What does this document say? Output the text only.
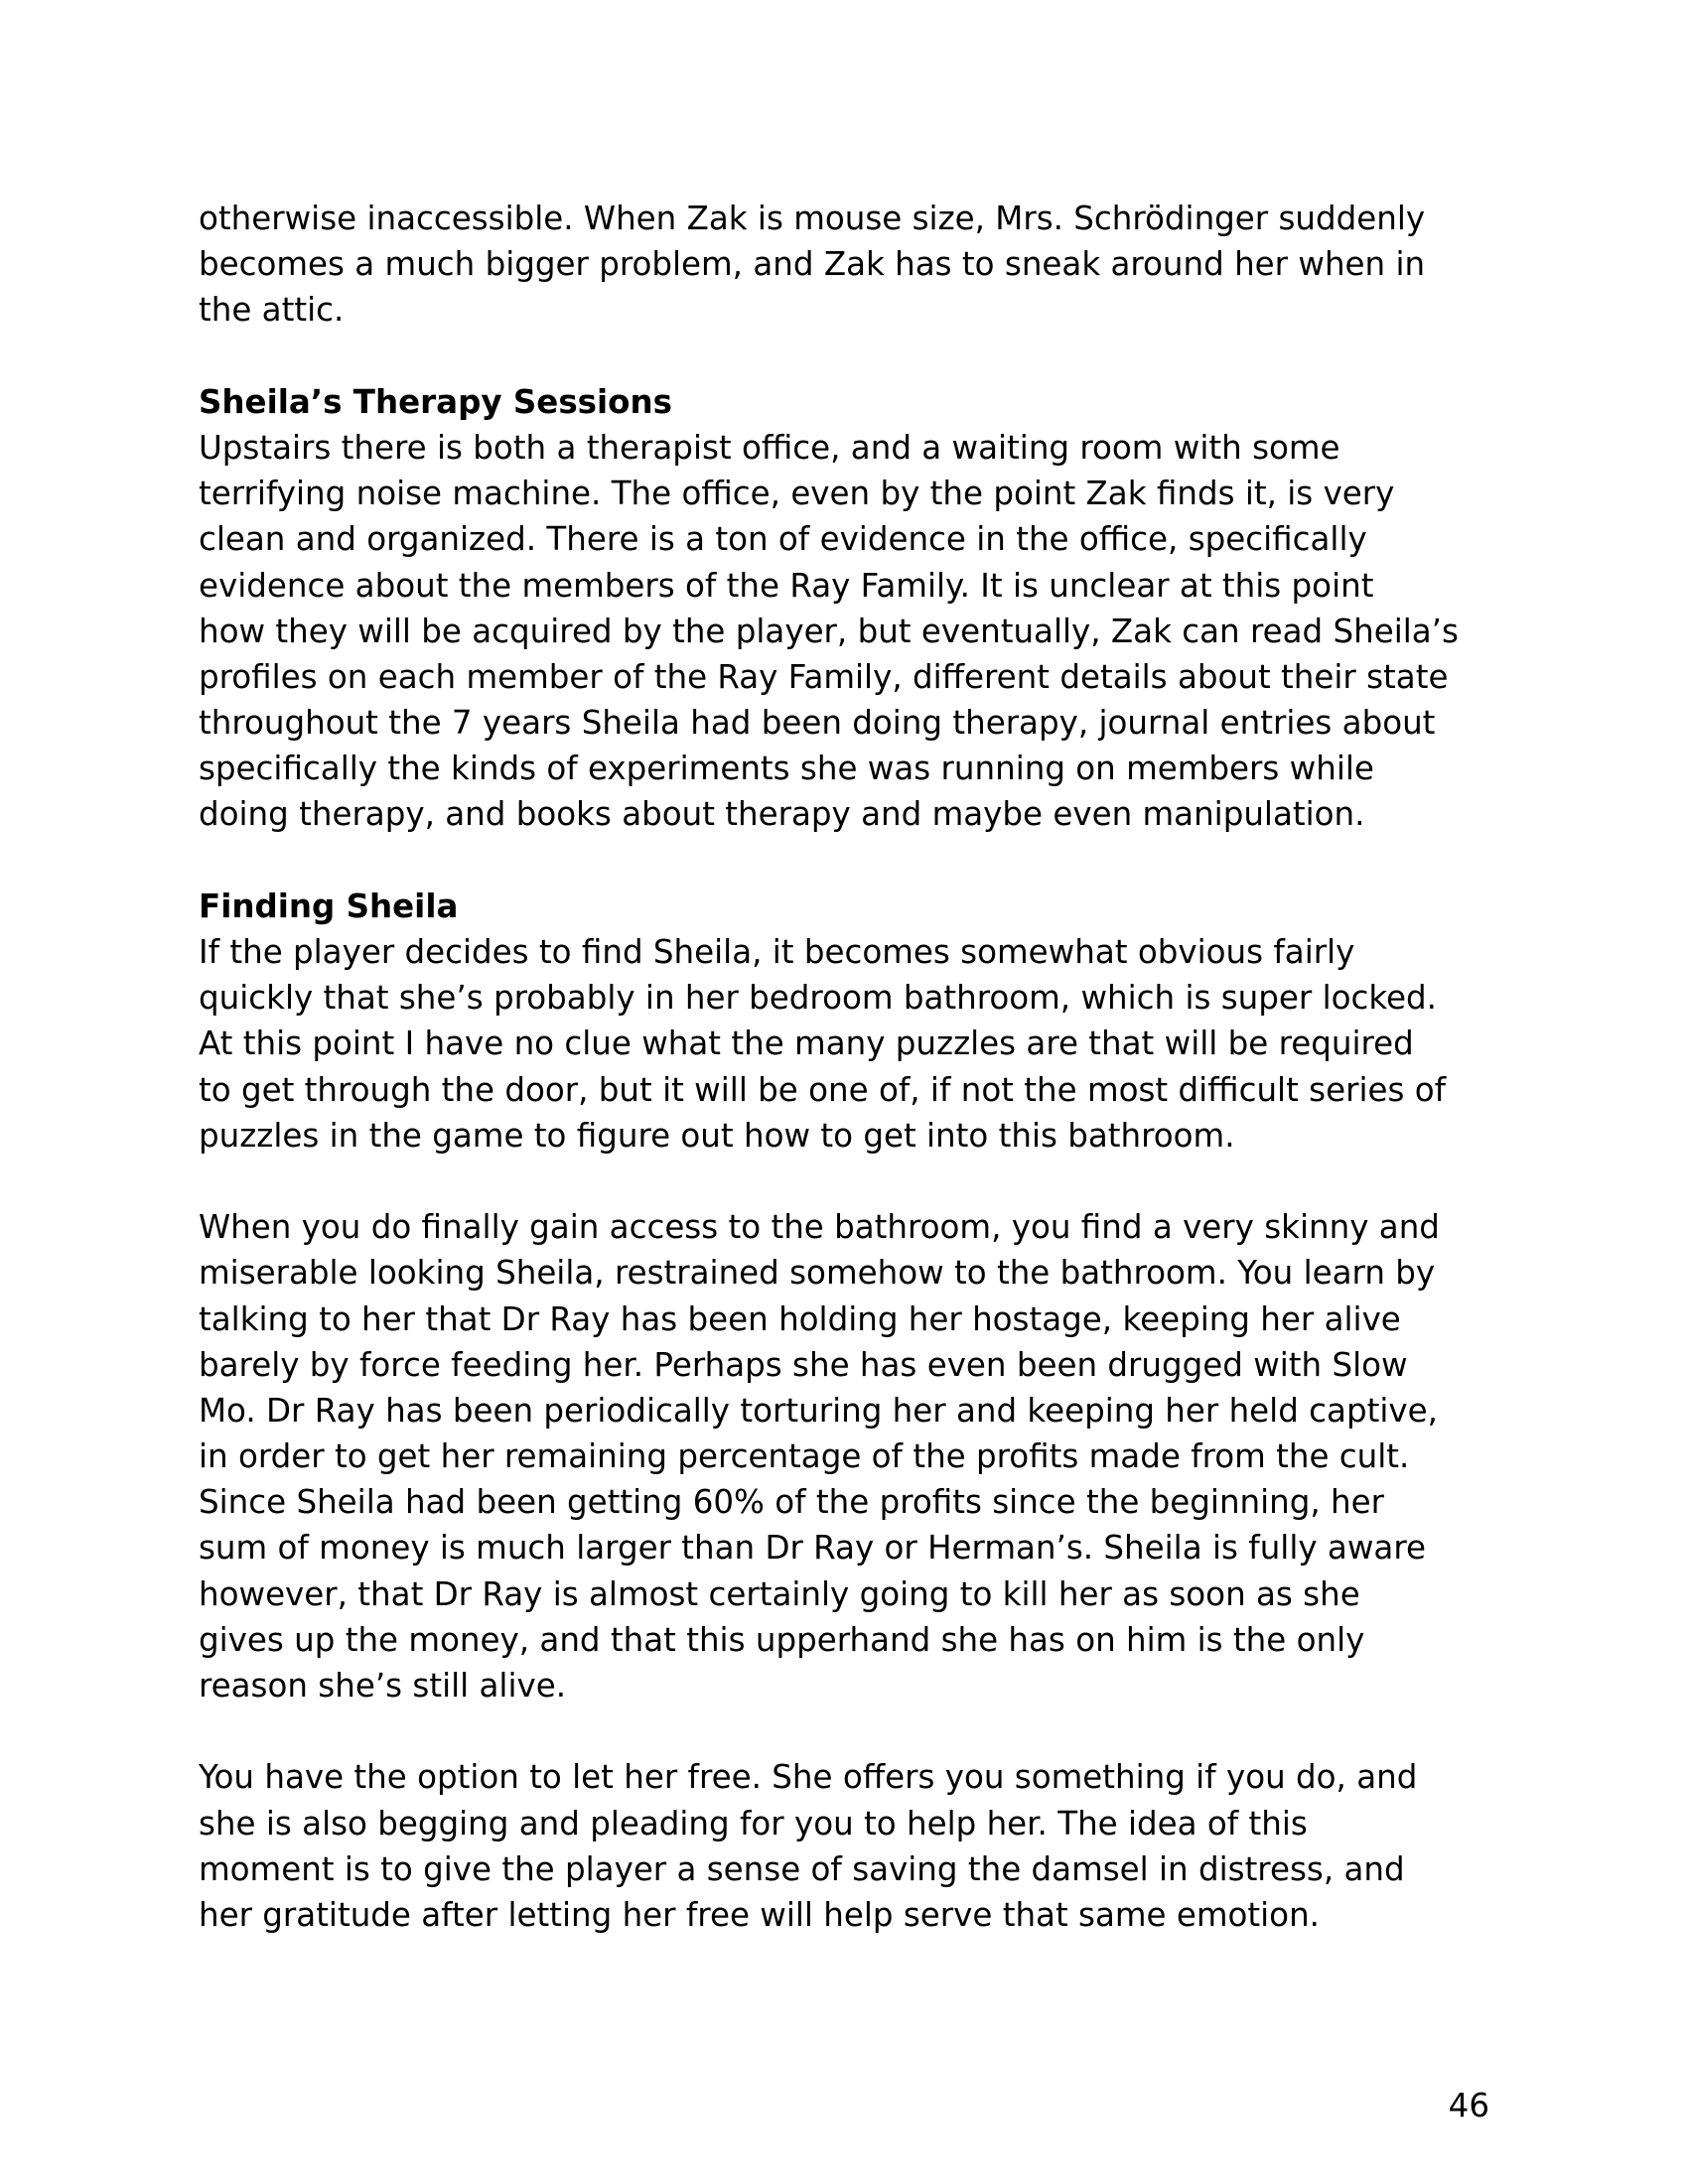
otherwise inaccessible. When Zak is mouse size, Mrs. Schrödinger suddenly
becomes a much bigger problem, and Zak has to sneak around her when in
the attic.
Sheila’s Therapy Sessions
Upstairs there is both a therapist office, and a waiting room with some
terrifying noise machine. The office, even by the point Zak finds it, is very
clean and organized. There is a ton of evidence in the office, specifically
evidence about the members of the Ray Family. It is unclear at this point
how they will be acquired by the player, but eventually, Zak can read Sheila’s
profiles on each member of the Ray Family, different details about their state
throughout the 7 years Sheila had been doing therapy, journal entries about
specifically the kinds of experiments she was running on members while
doing therapy, and books about therapy and maybe even manipulation.
Finding Sheila
If the player decides to find Sheila, it becomes somewhat obvious fairly
quickly that she’s probably in her bedroom bathroom, which is super locked.
At this point I have no clue what the many puzzles are that will be required
to get through the door, but it will be one of, if not the most difficult series of
puzzles in the game to figure out how to get into this bathroom.
When you do finally gain access to the bathroom, you find a very skinny and
miserable looking Sheila, restrained somehow to the bathroom. You learn by
talking to her that Dr Ray has been holding her hostage, keeping her alive
barely by force feeding her. Perhaps she has even been drugged with Slow
Mo. Dr Ray has been periodically torturing her and keeping her held captive,
in order to get her remaining percentage of the profits made from the cult.
Since Sheila had been getting 60% of the profits since the beginning, her
sum of money is much larger than Dr Ray or Herman’s. Sheila is fully aware
however, that Dr Ray is almost certainly going to kill her as soon as she
gives up the money, and that this upperhand she has on him is the only
reason she’s still alive.
You have the option to let her free. She offers you something if you do, and
she is also begging and pleading for you to help her. The idea of this
moment is to give the player a sense of saving the damsel in distress, and
her gratitude after letting her free will help serve that same emotion.
46
